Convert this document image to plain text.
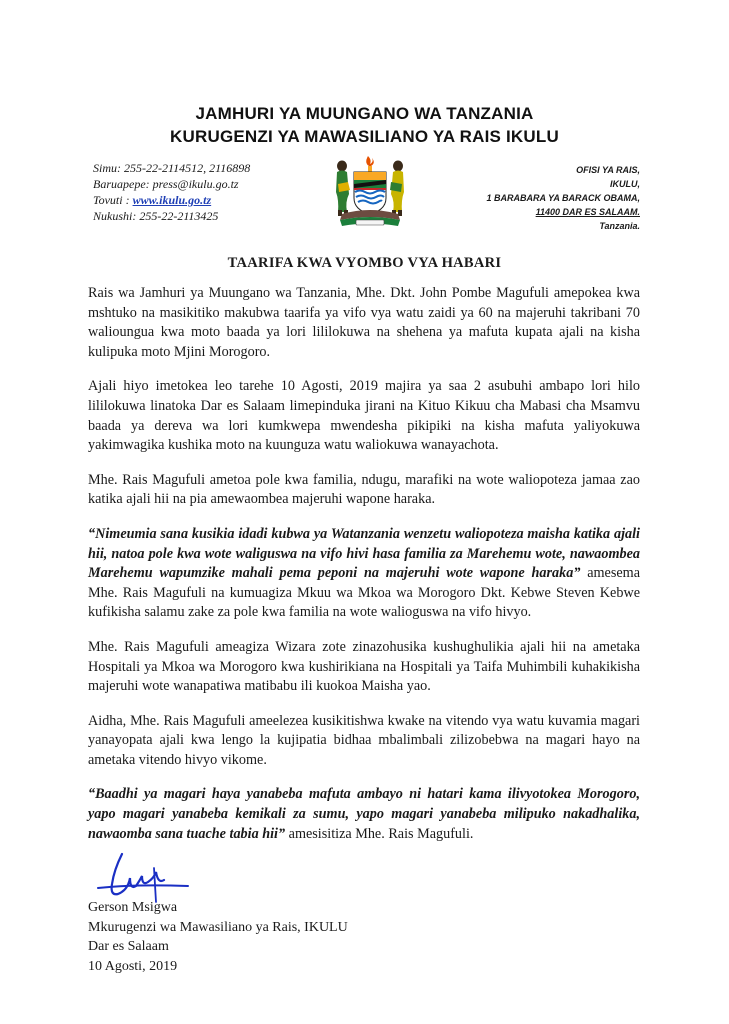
JAMHURI YA MUUNGANO WA TANZANIA
KURUGENZI YA MAWASILIANO YA RAIS IKULU
Simu: 255-22-2114512, 2116898
Baruapepe: press@ikulu.go.tz
Tovuti : www.ikulu.go.tz
Nukushi: 255-22-2113425
OFISI YA RAIS,
IKULU,
1 BARABARA YA BARACK OBAMA,
11400 DAR ES SALAAM.
Tanzania.
TAARIFA KWA VYOMBO VYA HABARI

Rais wa Jamhuri ya Muungano wa Tanzania, Mhe. Dkt. John Pombe Magufuli amepokea kwa mshtuko na masikitiko makubwa taarifa ya vifo vya watu zaidi ya 60 na majeruhi takribani 70 walioungua kwa moto baada ya lori lililokuwa na shehena ya mafuta kupata ajali na kisha kulipuka moto Mjini Morogoro.

Ajali hiyo imetokea leo tarehe 10 Agosti, 2019 majira ya saa 2 asubuhi ambapo lori hilo lililokuwa linatoka Dar es Salaam limepinduka jirani na Kituo Kikuu cha Mabasi cha Msamvu baada ya dereva wa lori kumkwepa mwendesha pikipiki na kisha mafuta yaliyokuwa yakimwagika kushika moto na kuunguza watu waliokuwa wanayachota.

Mhe. Rais Magufuli ametoa pole kwa familia, ndugu, marafiki na wote waliopoteza jamaa zao katika ajali hii na pia amewaombea majeruhi wapone haraka.

“Nimeumia sana kusikia idadi kubwa ya Watanzania wenzetu waliopoteza maisha katika ajali hii, natoa pole kwa wote waliguswa na vifo hivi hasa familia za Marehemu wote, nawaombea Marehemu wapumzike mahali pema peponi na majeruhi wote wapone haraka” amesema Mhe. Rais Magufuli na kumuagiza Mkuu wa Mkoa wa Morogoro Dkt. Kebwe Steven Kebwe kufikisha salamu zake za pole kwa familia na wote walioguswa na vifo hivyo.

Mhe. Rais Magufuli ameagiza Wizara zote zinazohusika kushughulikia ajali hii na ametaka Hospitali ya Mkoa wa Morogoro kwa kushirikiana na Hospitali ya Taifa Muhimbili kuhakikisha majeruhi wote wanapatiwa matibabu ili kuokoa Maisha yao.

Aidha, Mhe. Rais Magufuli ameelezea kusikitishwa kwake na vitendo vya watu kuvamia magari yanayopata ajali kwa lengo la kujipatia bidhaa mbalimbali zilizobebwa na magari hayo na ametaka vitendo hivyo vikome.

“Baadhi ya magari haya yanabeba mafuta ambayo ni hatari kama ilivyotokea Morogoro, yapo magari yanabeba kemikali za sumu, yapo magari yanabeba milipuko nakadhalika, nawaomba sana tuache tabia hii” amesisitiza Mhe. Rais Magufuli.

Gerson Msigwa
Mkurugenzi wa Mawasiliano ya Rais, IKULU
Dar es Salaam
10 Agosti, 2019
